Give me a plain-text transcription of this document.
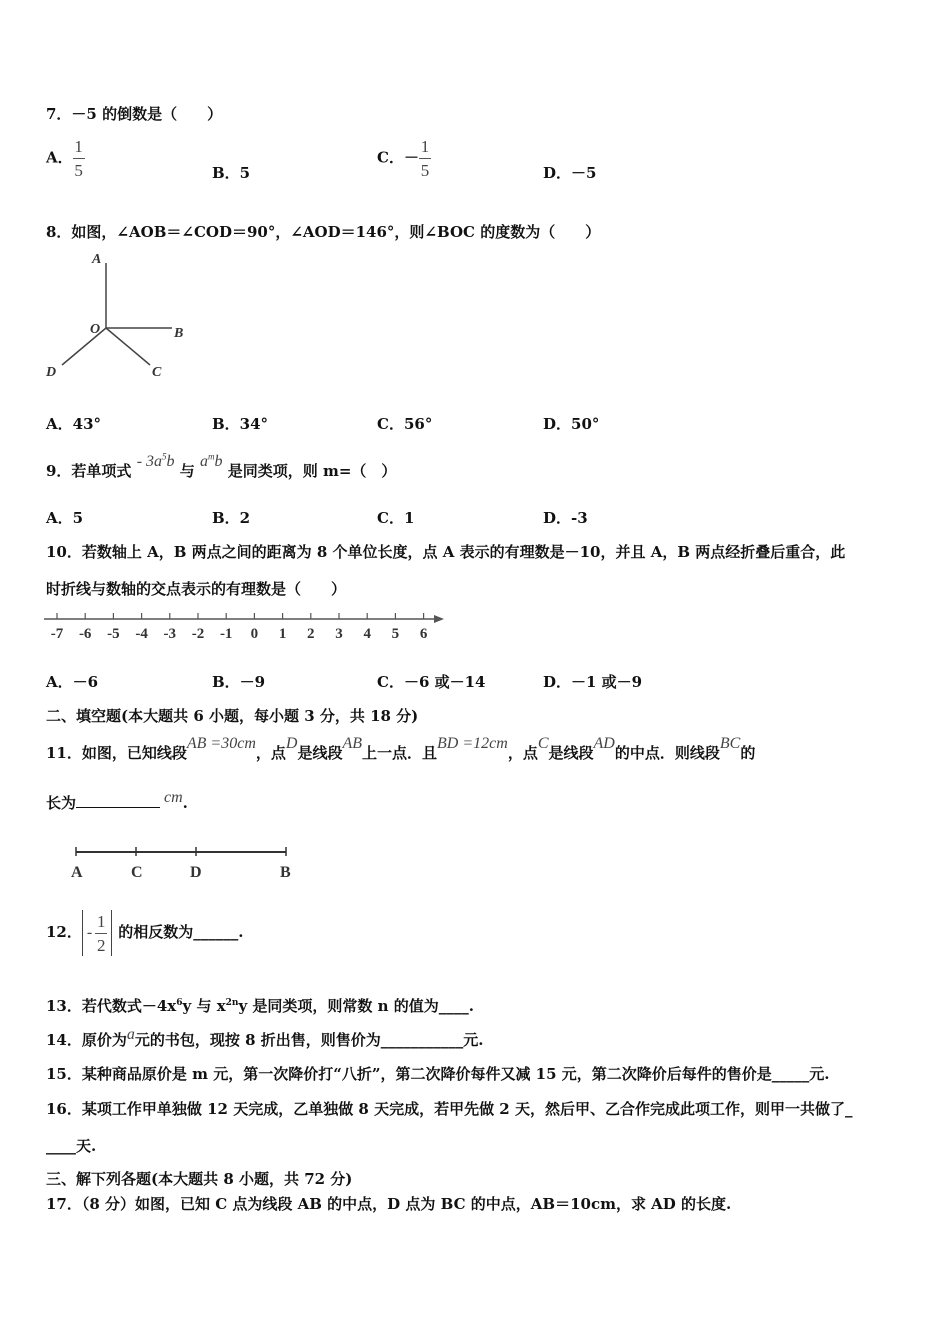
7．－5 的倒数是（　　）
A． $\frac{1}{5}$	B．5
C．－ $\frac{1}{5}$	D．－5
8．如图，∠AOB＝∠COD＝90°，∠AOD＝146°，则∠BOC 的度数为（　　）
A
O	B
C
D
A．43°	B．34°	C．56°	D．50°
9．若单项式 - $3a^5b$ 与 $a^mb$ 是同类项，则 m=（　）
A．5	B．2	C．1	D．-3
10．若数轴上 A，B 两点之间的距离为 8 个单位长度，点 A 表示的有理数是－10，并且 A，B 两点经折叠后重合，此
时折线与数轴的交点表示的有理数是（　　）
-7 -6 -5 -4 -3 -2 -1 0 1 2 3 4 5 6
A．－6	B．－9	C．－6 或－14	D．－1 或－9
二、填空题(本大题共 6 小题，每小题 3 分，共 18 分)
11．如图，已知线段AB =30cm，点D是线段AB上一点．且BD =12cm，点C是线段AD的中点．则线段BC的
长为	cm.
A	C	D	B
12． - $\frac{1}{2}$ 的相反数为______.
13．若代数式$-4x^6y$ 与 $x^{2n}y$ 是同类项，则常数 n 的值为____.
14．原价为a元的书包，现按 8 折出售，则售价为___________元.
15．某种商品原价是 m 元，第一次降价打“八折”，第二次降价每件又减 15 元，第二次降价后每件的售价是_____元.
16．某项工作甲单独做 12 天完成，乙单独做 8 天完成，若甲先做 2 天，然后甲、乙合作完成此项工作，则甲一共做了_
____天.
三、解下列各题(本大题共 8 小题，共 72 分)
17．（8 分）如图，已知 C 点为线段 AB 的中点，D 点为 BC 的中点，AB＝10cm，求 AD 的长度.
